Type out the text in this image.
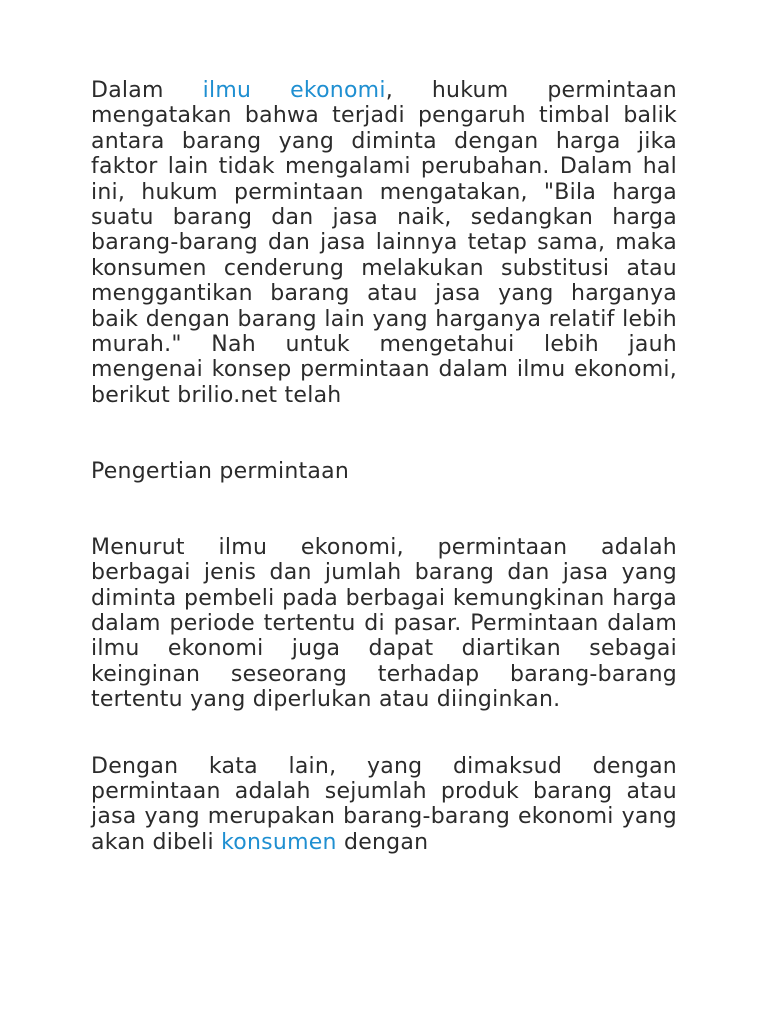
Dalam ilmu ekonomi, hukum permintaan mengatakan bahwa terjadi pengaruh timbal balik antara barang yang diminta dengan harga jika faktor lain tidak mengalami perubahan. Dalam hal ini, hukum permintaan mengatakan, "Bila harga suatu barang dan jasa naik, sedangkan harga barang-barang dan jasa lainnya tetap sama, maka konsumen cenderung melakukan substitusi atau menggantikan barang atau jasa yang harganya baik dengan barang lain yang harganya relatif lebih murah." Nah untuk mengetahui lebih jauh mengenai konsep permintaan dalam ilmu ekonomi, berikut brilio.net telah

Pengertian permintaan

Menurut ilmu ekonomi, permintaan adalah berbagai jenis dan jumlah barang dan jasa yang diminta pembeli pada berbagai kemungkinan harga dalam periode tertentu di pasar. Permintaan dalam ilmu ekonomi juga dapat diartikan sebagai keinginan seseorang terhadap barang-barang tertentu yang diperlukan atau diinginkan.

Dengan kata lain, yang dimaksud dengan permintaan adalah sejumlah produk barang atau jasa yang merupakan barang-barang ekonomi yang akan dibeli konsumen dengan
